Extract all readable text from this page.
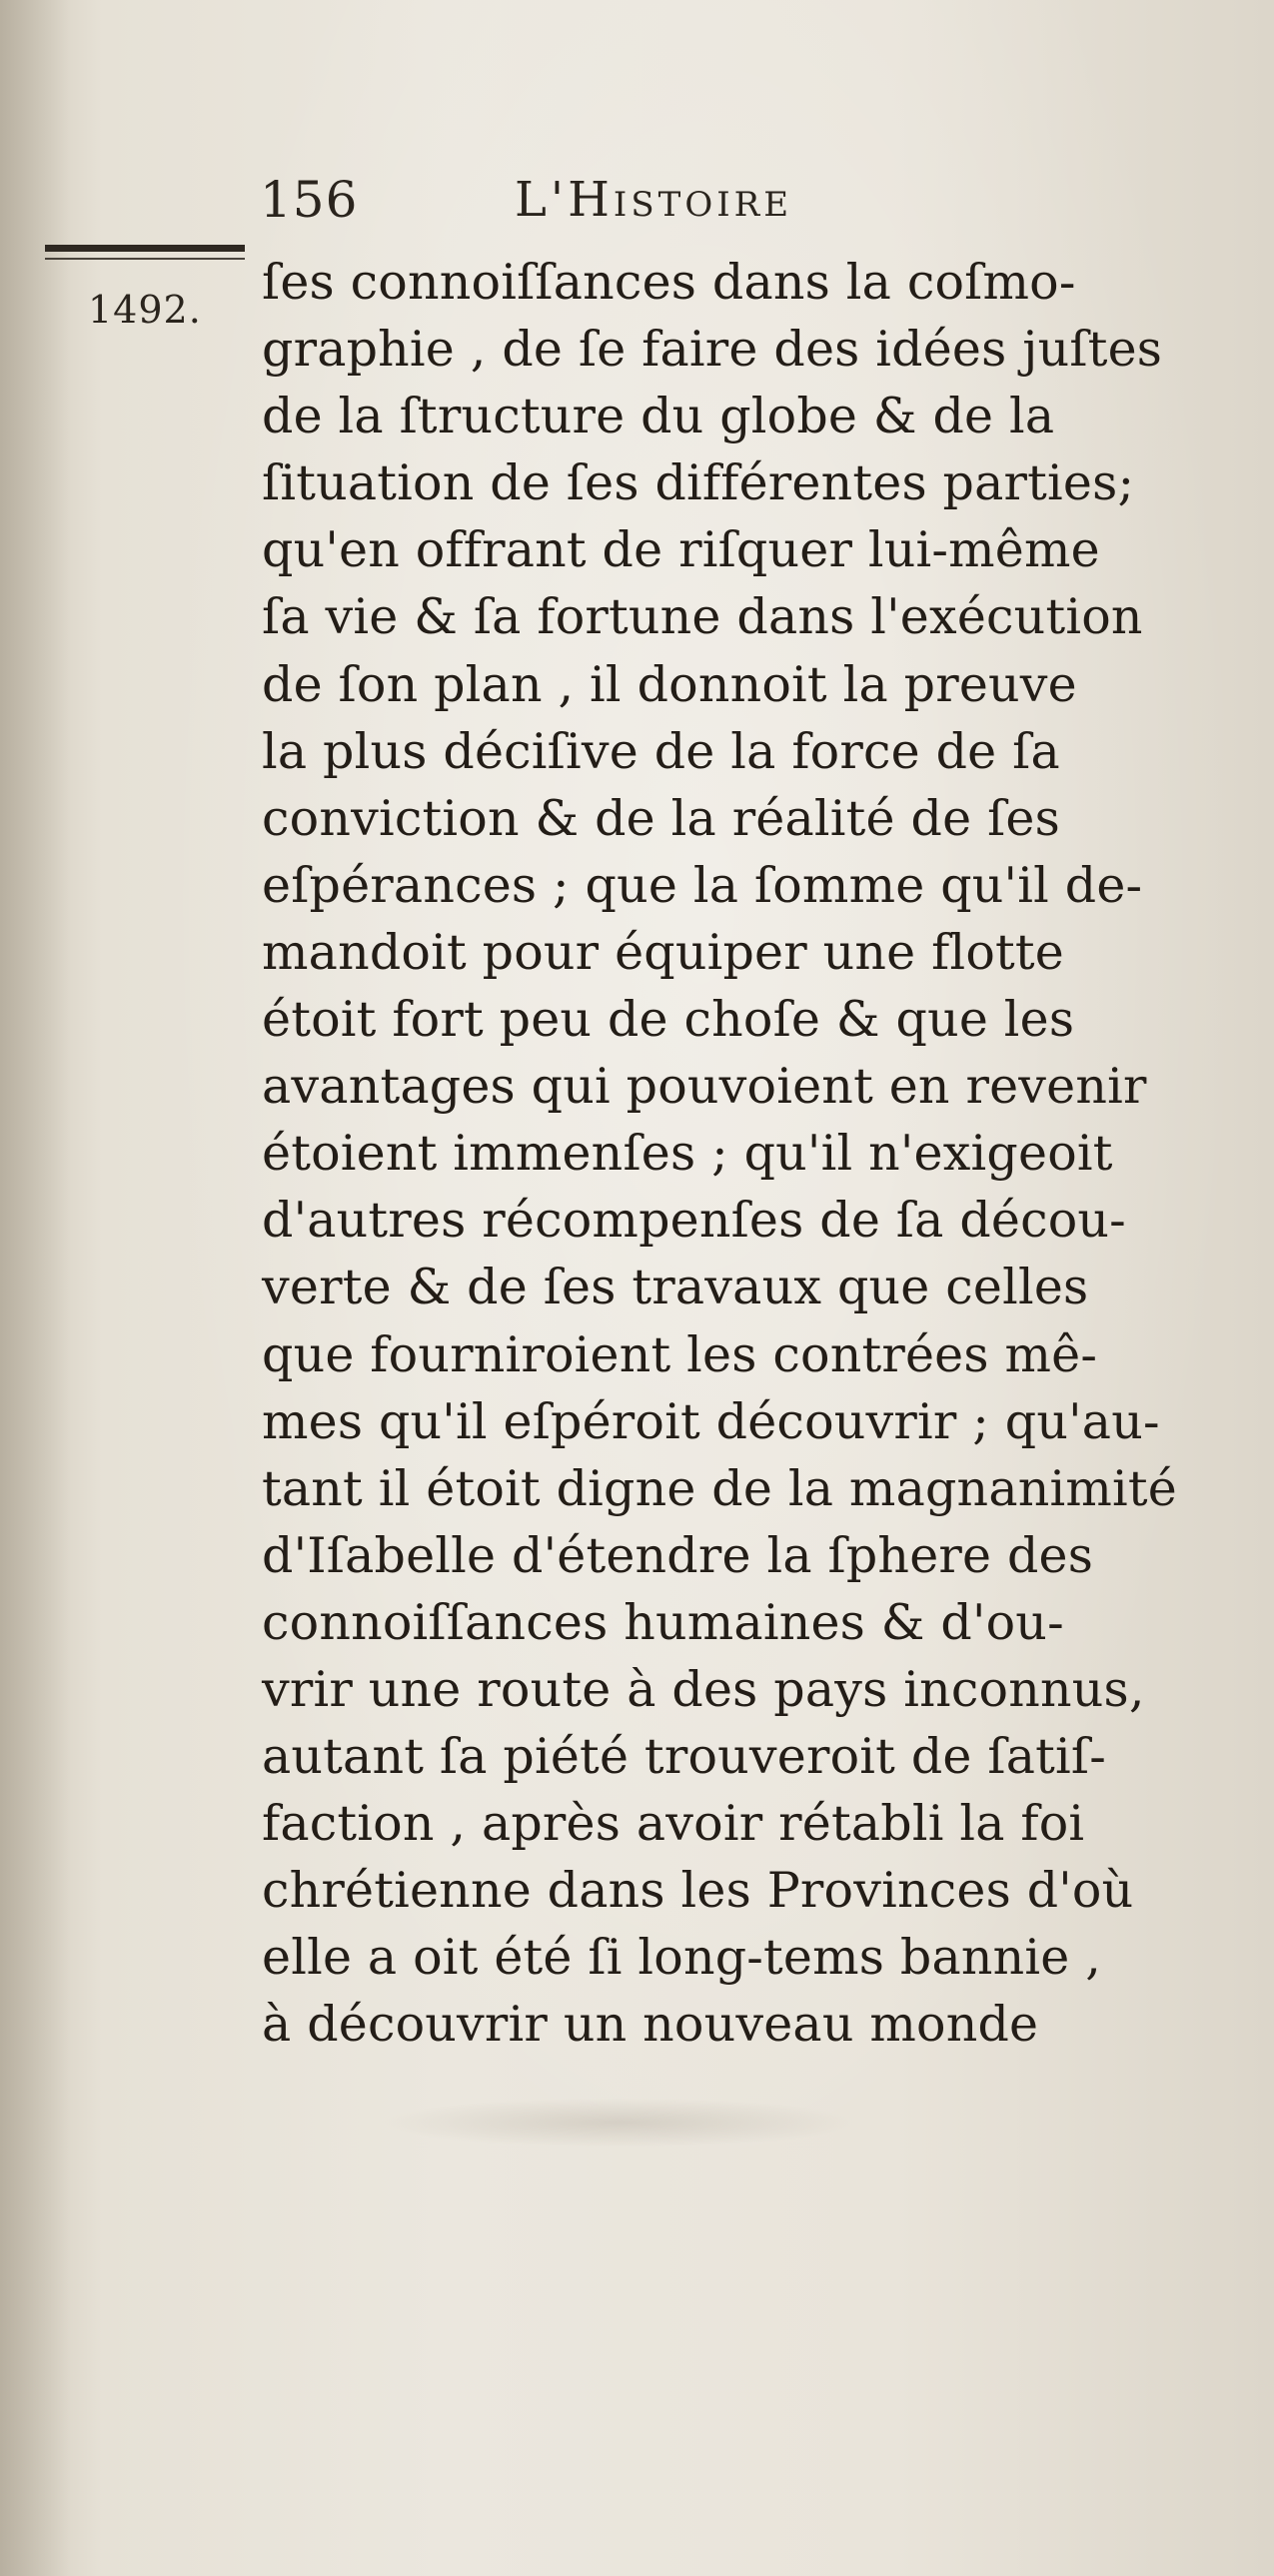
156	L'Histoire
1492. ſes connoiſſances dans la coſmo-
graphie , de ſe faire des idées juſtes
de la ſtructure du globe & de la
ſituation de ſes différentes parties;
qu'en offrant de riſquer lui-même
ſa vie & ſa fortune dans l'exécution
de ſon plan , il donnoit la preuve
la plus déciſive de la force de ſa
conviction & de la réalité de ſes
eſpérances ; que la ſomme qu'il de-
mandoit pour équiper une flotte
étoit fort peu de choſe & que les
avantages qui pouvoient en revenir
étoient immenſes ; qu'il n'exigeoit
d'autres récompenſes de ſa décou-
verte & de ſes travaux que celles
que fourniroient les contrées mê-
mes qu'il eſpéroit découvrir ; qu'au-
tant il étoit digne de la magnanimité
d'Iſabelle d'étendre la ſphere des
connoiſſances humaines & d'ou-
vrir une route à des pays inconnus,
autant ſa piété trouveroit de ſatiſ-
faction , après avoir rétabli la foi
chrétienne dans les Provinces d'où
elle a oit été ſi long-tems bannie ,
à découvrir un nouveau monde
